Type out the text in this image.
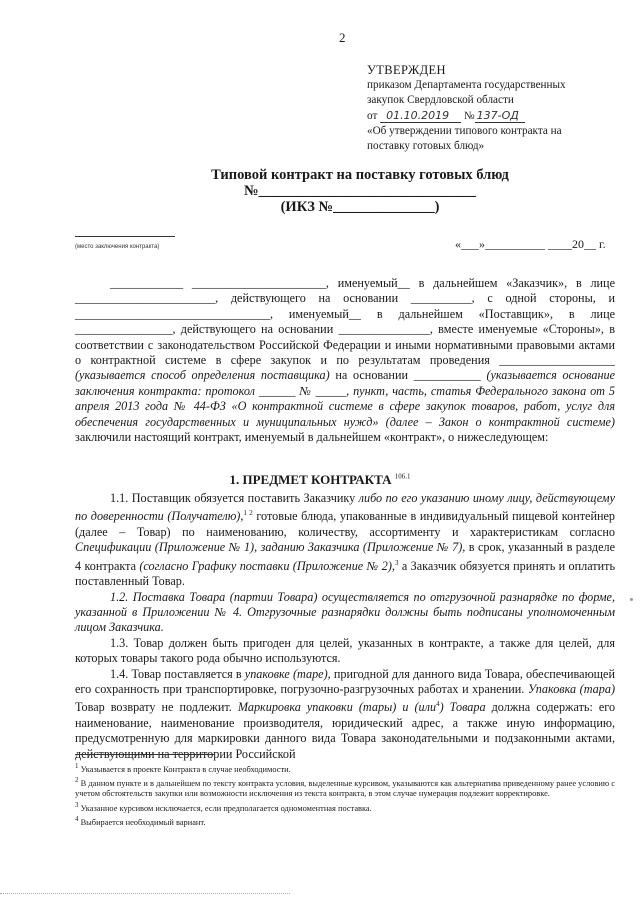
2
УТВЕРЖДЕН
приказом Департамента государственных
закупок Свердловской области
от 01.10.2019 № 137-ОД
«Об утверждении типового контракта на
поставку готовых блюд»
Типовой контракт на поставку готовых блюд
№______________________________
(ИКЗ №______________)
(место заключения контракта)	«___»__________ ____20__ г.

____________ ______________________, именуемый__ в дальнейшем «Заказчик», в лице _______________________, действующего на основании __________, с одной стороны, и ________________________________, именуемый__ в дальнейшем «Поставщик», в лице ________________, действующего на основании _______________, вместе именуемые «Стороны», в соответствии с законодательством Российской Федерации и иными нормативными правовыми актами о контрактной системе в сфере закупок и по результатам проведения ___________________ (указывается способ определения поставщика) на основании ___________ (указывается основание заключения контракта: протокол ______ № _____, пункт, часть, статья Федерального закона от 5 апреля 2013 года № 44-ФЗ «О контрактной системе в сфере закупок товаров, работ, услуг для обеспечения государственных и муниципальных нужд» (далее – Закон о контрактной системе) заключили настоящий контракт, именуемый в дальнейшем «контракт», о нижеследующем:

1. ПРЕДМЕТ КОНТРАКТА $^{106.1}$

1.1. Поставщик обязуется поставить Заказчику либо по его указанию иному лицу, действующему по доверенности (Получателю),$^{1 2}$ готовые блюда, упакованные в индивидуальный пищевой контейнер (далее – Товар) по наименованию, количеству, ассортименту и характеристикам согласно Спецификации (Приложение № 1), заданию Заказчика (Приложение № 7), в срок, указанный в разделе 4 контракта (согласно Графику поставки (Приложение № 2),$^3$ а Заказчик обязуется принять и оплатить поставленный Товар.

1.2. Поставка Товара (партии Товара) осуществляется по отгрузочной разнарядке по форме, указанной в Приложении № 4. Отгрузочные разнарядки должны быть подписаны уполномоченным лицом Заказчика.

1.3. Товар должен быть пригоден для целей, указанных в контракте, а также для целей, для которых товары такого рода обычно используются.

1.4. Товар поставляется в упаковке (таре), пригодной для данного вида Товара, обеспечивающей его сохранность при транспортировке, погрузочно-разгрузочных работах и хранении. Упаковка (тара) Товар возврату не подлежит. Маркировка упаковки (тары) и (или$^4$) Товара должна содержать: его наименование, наименование производителя, юридический адрес, а также иную информацию, предусмотренную для маркировки данного вида Товара законодательными и подзаконными актами, действующими на территории Российской

$^1$ Указывается в проекте Контракта в случае необходимости.

$^2$ В данном пункте и в дальнейшем по тексту контракта условия, выделенные курсивом, указываются как альтернатива приведенному ранее условию с учетом обстоятельств закупки или возможности исключения из текста контракта, в этом случае нумерация подлежит корректировке.

$^3$ Указанное курсивом исключается, если предполагается одномоментная поставка.

$^4$ Выбирается необходимый вариант.
